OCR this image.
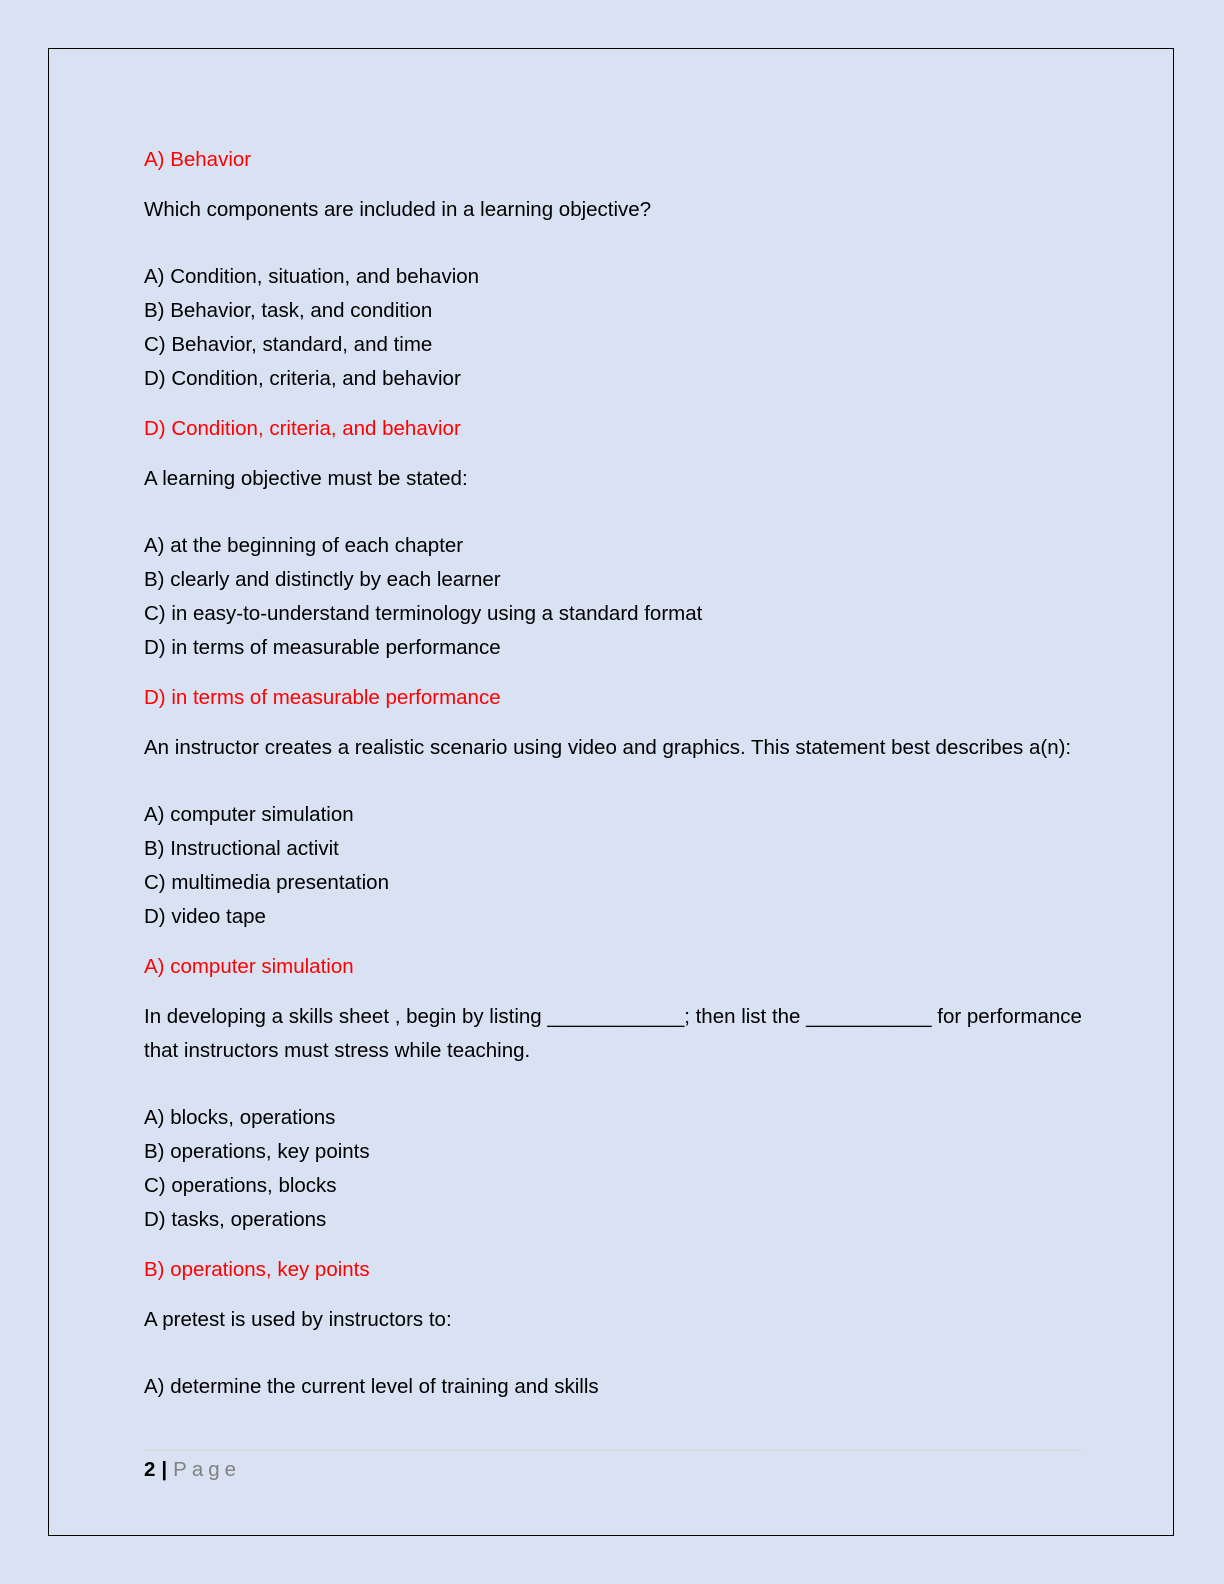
A) Behavior

Which components are included in a learning objective?

A) Condition, situation, and behavion

B) Behavior, task, and condition

C) Behavior, standard, and time

D) Condition, criteria, and behavior

D) Condition, criteria, and behavior

A learning objective must be stated:

A) at the beginning of each chapter

B) clearly and distinctly by each learner

C) in easy-to-understand terminology using a standard format

D) in terms of measurable performance

D) in terms of measurable performance

An instructor creates a realistic scenario using video and graphics. This statement best describes a(n):

A) computer simulation

B) Instructional activit

C) multimedia presentation

D) video tape

A) computer simulation

In developing a skills sheet , begin by listing ____________; then list the ___________ for performance that instructors must stress while teaching.

A) blocks, operations

B) operations, key points

C) operations, blocks

D) tasks, operations

B) operations, key points

A pretest is used by instructors to:

A) determine the current level of training and skills

2 | Page
